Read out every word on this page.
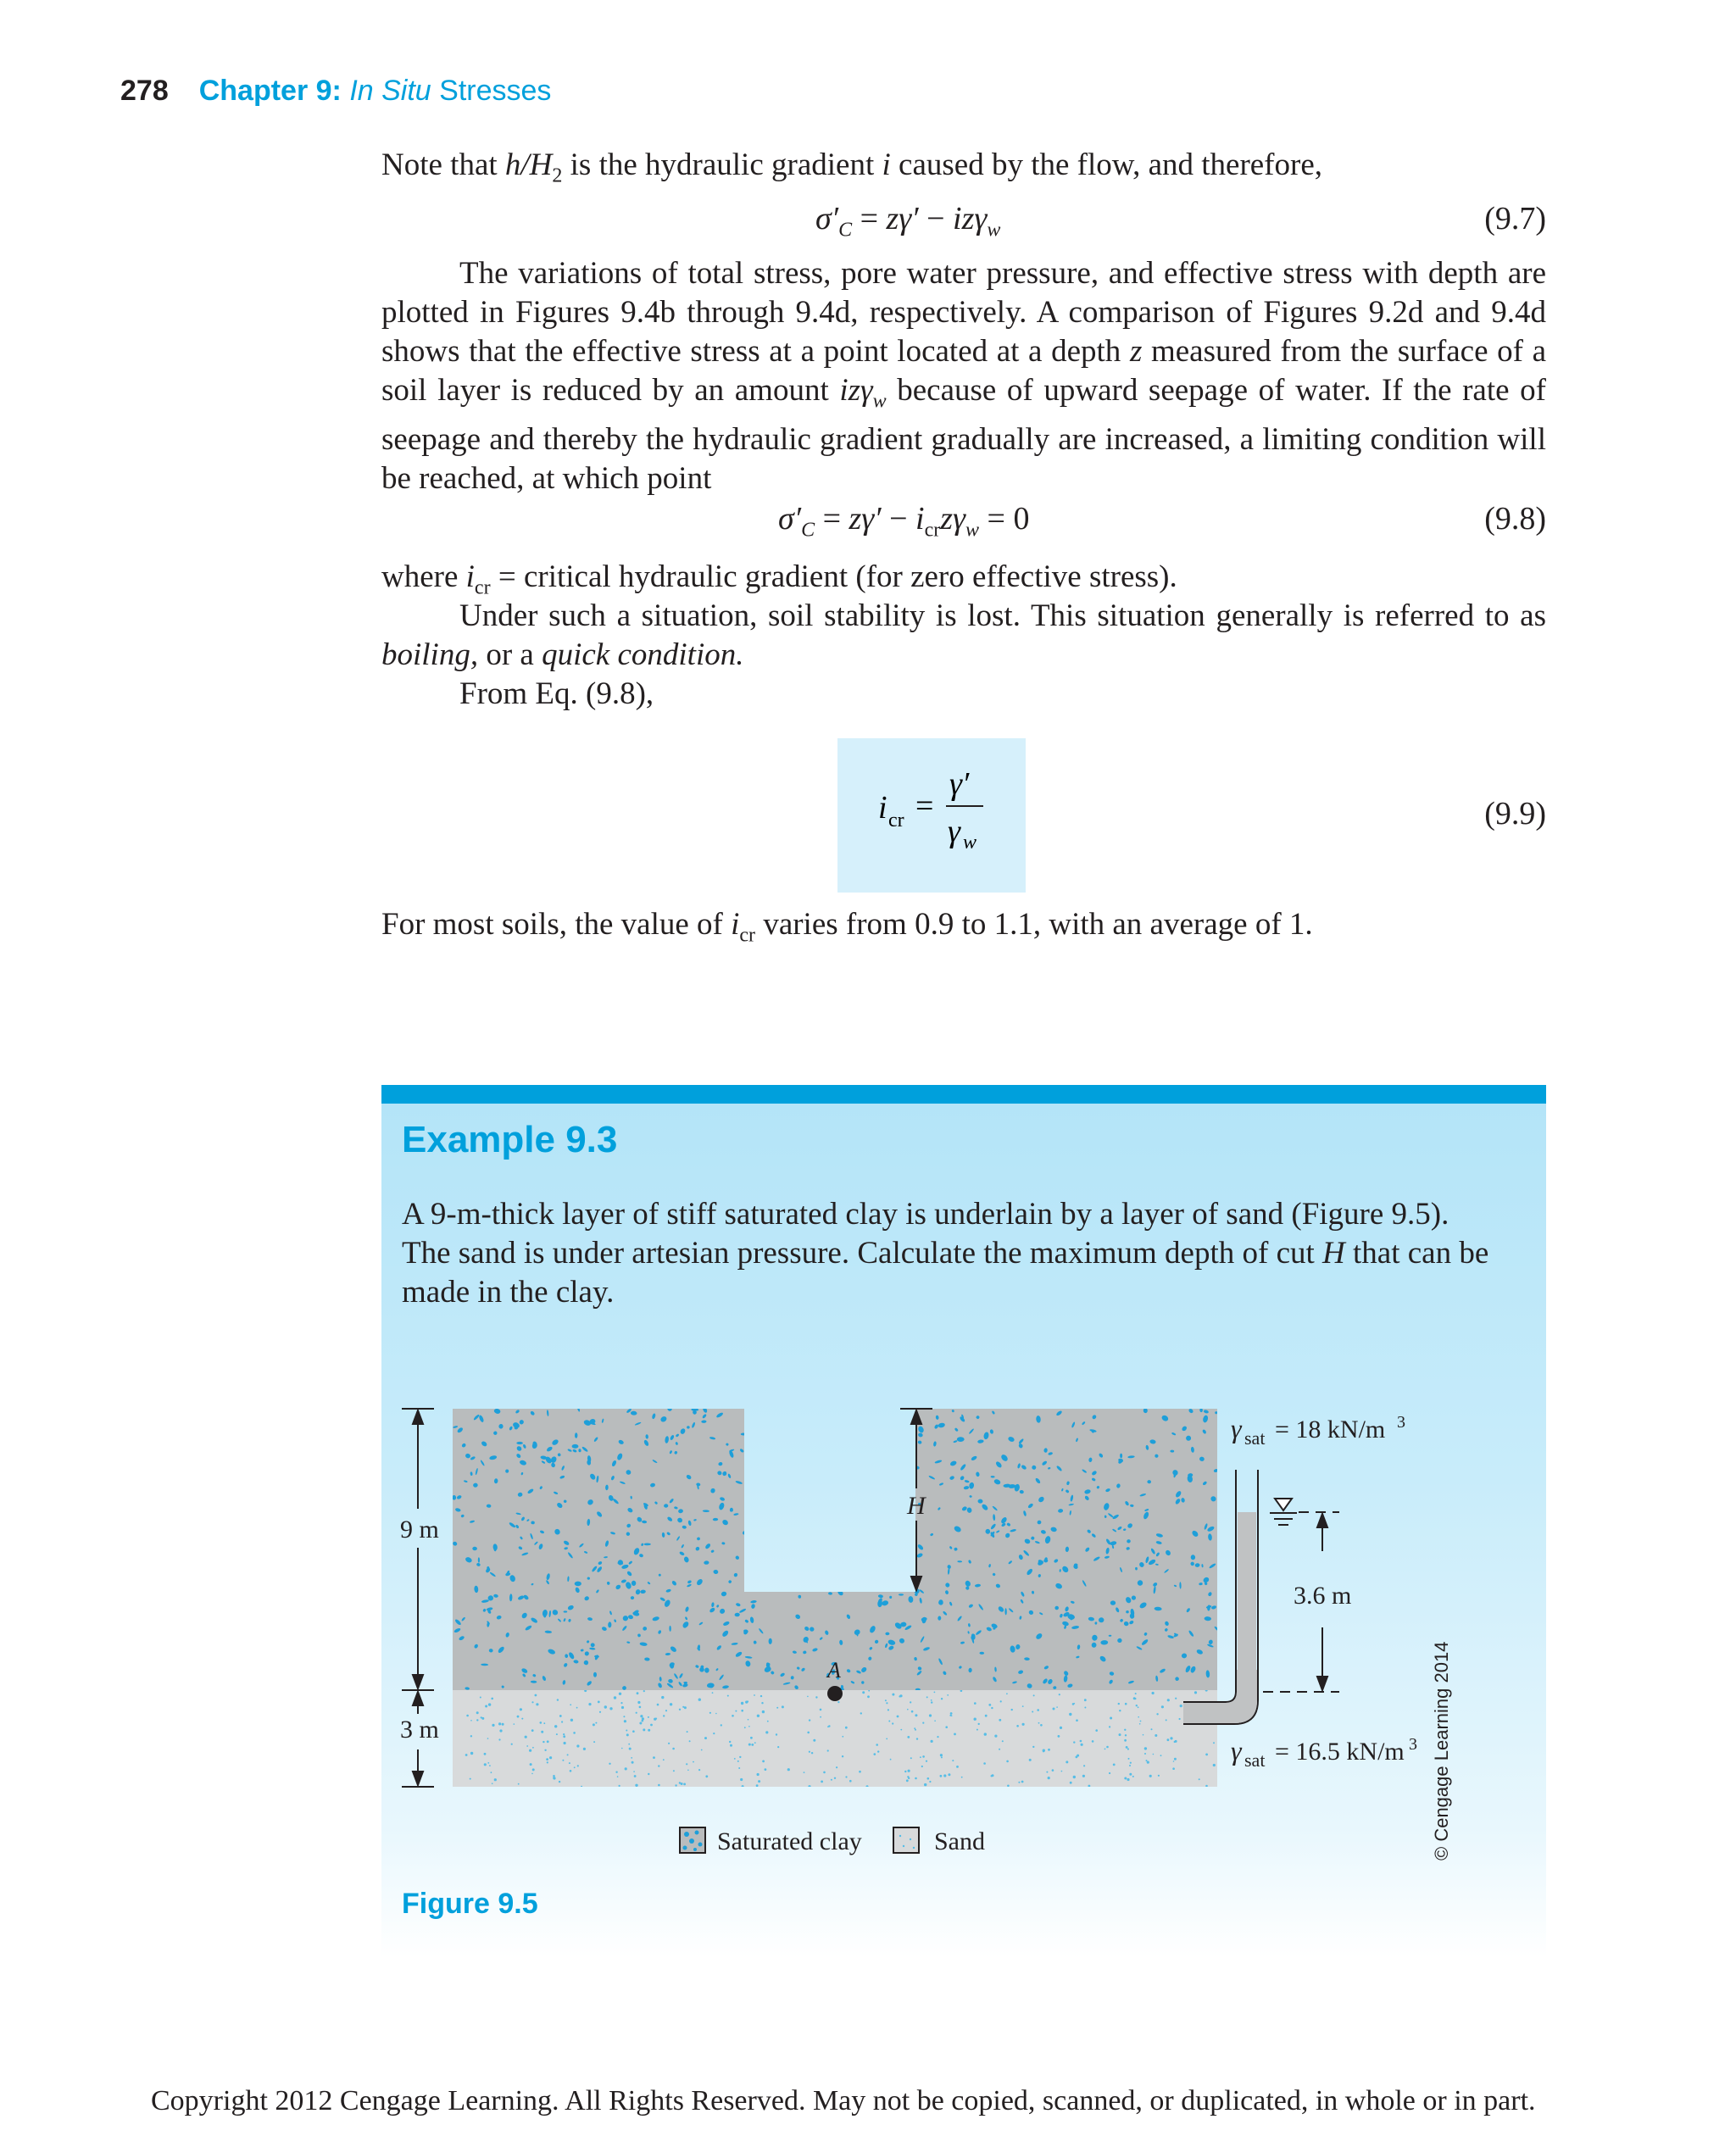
278 Chapter 9: In Situ Stresses
Note that $h/H_2$ is the hydraulic gradient i caused by the flow, and therefore,
$\sigma'_C = z\gamma' - iz\gamma_w$	(9.7)
The variations of total stress, pore water pressure, and effective stress with depth are plotted in Figures 9.4b through 9.4d, respectively. A comparison of Figures 9.2d and 9.4d shows that the effective stress at a point located at a depth z measured from the surface of a soil layer is reduced by an amount izγ$_w$ because of upward seepage of water. If the rate of seepage and thereby the hydraulic gradient gradually are increased, a limiting condition will be reached, at which point
$\sigma'_C = z\gamma' - i_{cr}z\gamma_w = 0$	(9.8)
where $i_{cr}$ = critical hydraulic gradient (for zero effective stress).
Under such a situation, soil stability is lost. This situation generally is referred to as boiling, or a quick condition.
From Eq. (9.8),
i cr =
γ′
γ w
(9.9)
For most soils, the value of $i_{cr}$ varies from 0.9 to 1.1, with an average of 1.
Example 9.3
A 9-m-thick layer of stiff saturated clay is underlain by a layer of sand (Figure 9.5). The sand is under artesian pressure. Calculate the maximum depth of cut H that can be made in the clay.
Figure 9.5
9 m
3 m
H
A
3.6 m
γ sat = 18 kN/m 3
γ sat = 16.5 kN/m 3
Saturated clay	Sand	© Cengage Learning 2014
Copyright 2012 Cengage Learning. All Rights Reserved. May not be copied, scanned, or duplicated, in whole or in part.
